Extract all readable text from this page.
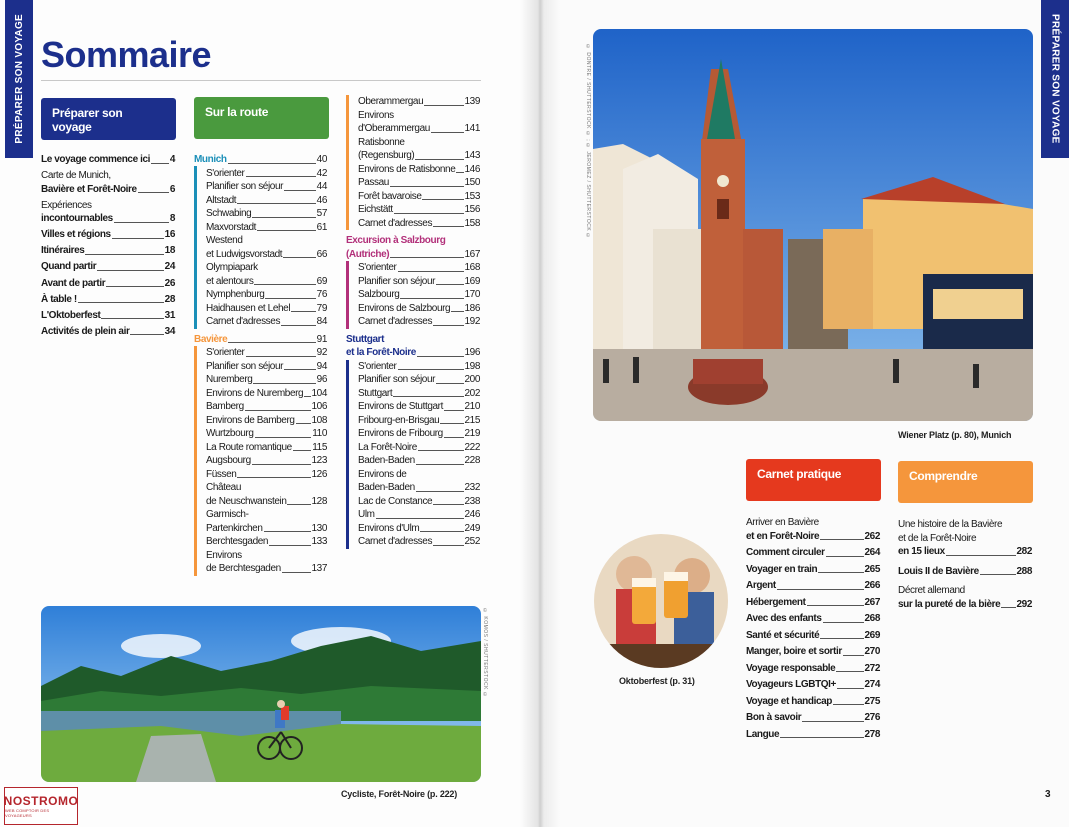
PRÉPARER SON VOYAGE	PRÉPARER SON VOYAGE
Sommaire
Préparer son voyage
Sur la route
Carnet pratique	Comprendre
Le voyage commence ici 4
Carte de Munich,
Bavière et Forêt-Noire	6
Expériences
incontournables	8
Villes et régions	16
Itinéraires	18
Quand partir	24
Avant de partir	26
À table !	28
L'Oktoberfest	31
Activités de plein air	34
Munich	40
S'orienter	42
Planifier son séjour	44
Altstadt	46
Schwabing	57
Maxvorstadt	61
Westend
et Ludwigsvorstadt	66
Olympiapark
et alentours	69
Nymphenburg	76
Haidhausen et Lehel	79
Carnet d'adresses	84
Bavière	91
S'orienter	92
Planifier son séjour	94
Nuremberg	96
Environs de Nuremberg 104
Bamberg	106
Environs de Bamberg 108
Wurtzbourg	110
La Route romantique 115
Augsbourg	123
Füssen	126
Château
de Neuschwanstein	128
Garmisch-
Partenkirchen	130
Berchtesgaden	133
Environs
de Berchtesgaden	137
Oberammergau	139
Environs
d'Oberammergau	141
Ratisbonne
(Regensburg)	143
Environs de Ratisbonne 146
Passau	150
Forêt bavaroise	153
Eichstätt	156
Carnet d'adresses	158
Excursion à Salzbourg
(Autriche)	167
S'orienter	168
Planifier son séjour	169
Salzbourg	170
Environs de Salzbourg 186
Carnet d'adresses	192
Stuttgart
et la Forêt-Noire	196
S'orienter	198
Planifier son séjour	200
Stuttgart	202
Environs de Stuttgart 210
Fribourg-en-Brisgau	215
Environs de Fribourg 219
La Forêt-Noire	222
Baden-Baden	228
Environs de
Baden-Baden	232
Lac de Constance	238
Ulm	246
Environs d'Ulm	249
Carnet d'adresses	252
Arriver en Bavière
et en Forêt-Noire	262
Comment circuler	264
Voyager en train	265
Argent	266
Hébergement	267
Avec des enfants	268
Santé et sécurité	269
Manger, boire et sortir 270
Voyage responsable	272
Voyageurs LGBTQI+	274
Voyage et handicap	275
Bon à savoir	276
Langue	278
Une histoire de la Bavière
et de la Forêt-Noire
en 15 lieux	282
Louis II de Bavière	288
Décret allemand
sur la pureté de la bière 292
© DONTRE / SHUTTERSTOCK © ; © JEROMEZ / SHUTTERSTOCK ©
Wiener Platz (p. 80), Munich
Oktoberfest (p. 31)
© KOMOS / SHUTTERSTOCK ©
Cycliste, Forêt-Noire (p. 222)	3
NOSTROMO
WEB COMPTOIR DES VOYAGEURS
